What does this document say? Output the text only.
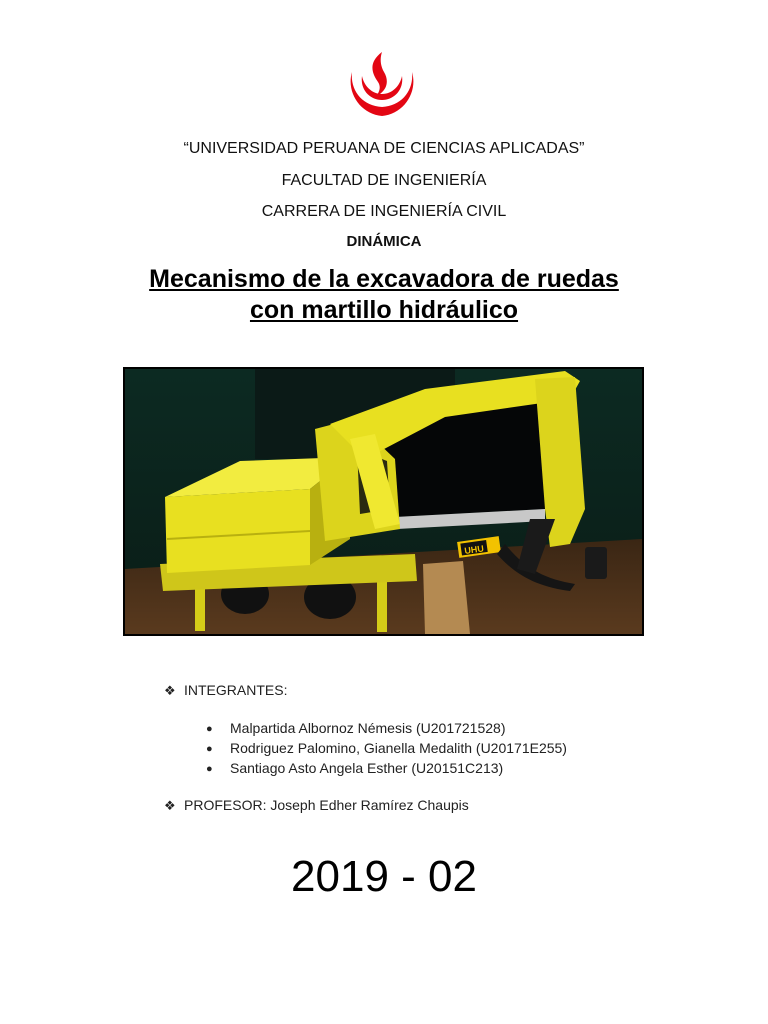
“UNIVERSIDAD PERUANA DE CIENCIAS APLICADAS”
FACULTAD DE INGENIERÍA
CARRERA DE INGENIERÍA CIVIL
DINÁMICA
Mecanismo de la excavadora de ruedas
con martillo hidráulico
UHU
❖ INTEGRANTES:
● Malpartida Albornoz Némesis (U201721528)
● Rodriguez Palomino, Gianella Medalith (U20171E255)
● Santiago Asto Angela Esther (U20151C213)
❖ PROFESOR: Joseph Edher Ramírez Chaupis
2019 - 02
